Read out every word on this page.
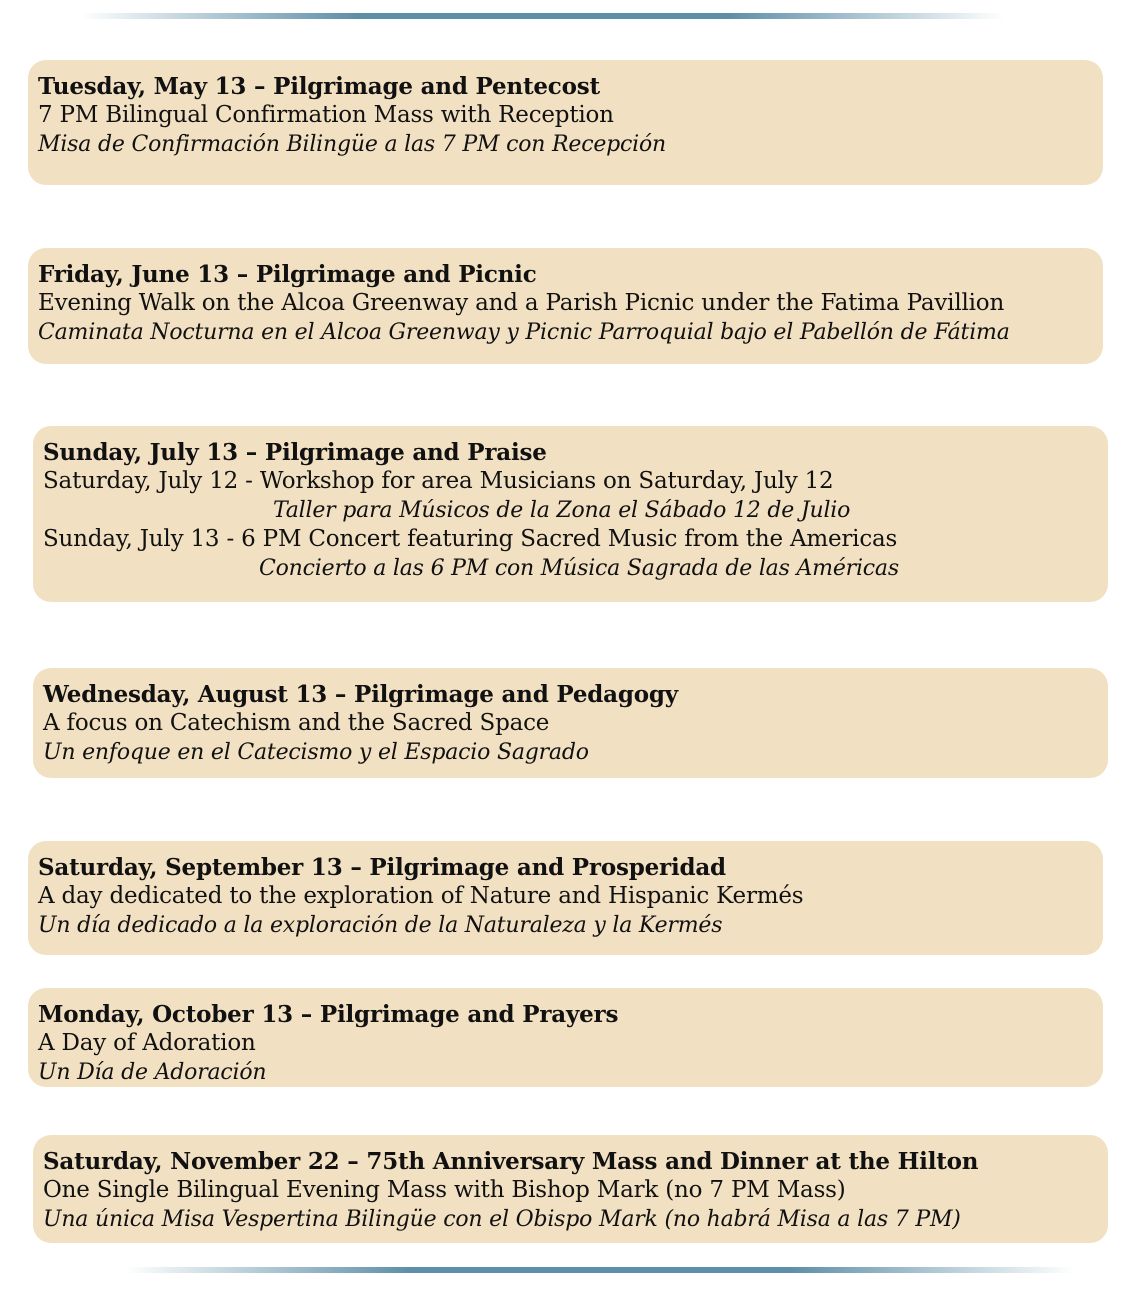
Tuesday, May 13 – Pilgrimage and Pentecost
7 PM Bilingual Confirmation Mass with Reception
Misa de Confirmación Bilingüe a las 7 PM con Recepción
Friday, June 13 – Pilgrimage and Picnic
Evening Walk on the Alcoa Greenway and a Parish Picnic under the Fatima Pavillion
Caminata Nocturna en el Alcoa Greenway y Picnic Parroquial bajo el Pabellón de Fátima
Sunday, July 13 – Pilgrimage and Praise
Saturday, July 12 - Workshop for area Musicians on Saturday, July 12
Taller para Músicos de la Zona el Sábado 12 de Julio
Sunday, July 13 - 6 PM Concert featuring Sacred Music from the Americas
Concierto a las 6 PM con Música Sagrada de las Américas
Wednesday, August 13 – Pilgrimage and Pedagogy
A focus on Catechism and the Sacred Space
Un enfoque en el Catecismo y el Espacio Sagrado
Saturday, September 13 – Pilgrimage and Prosperidad
A day dedicated to the exploration of Nature and Hispanic Kermés
Un día dedicado a la exploración de la Naturaleza y la Kermés
Monday, October 13 – Pilgrimage and Prayers
A Day of Adoration
Un Día de Adoración
Saturday, November 22 – 75th Anniversary Mass and Dinner at the Hilton
One Single Bilingual Evening Mass with Bishop Mark (no 7 PM Mass)
Una única Misa Vespertina Bilingüe con el Obispo Mark (no habrá Misa a las 7 PM)
